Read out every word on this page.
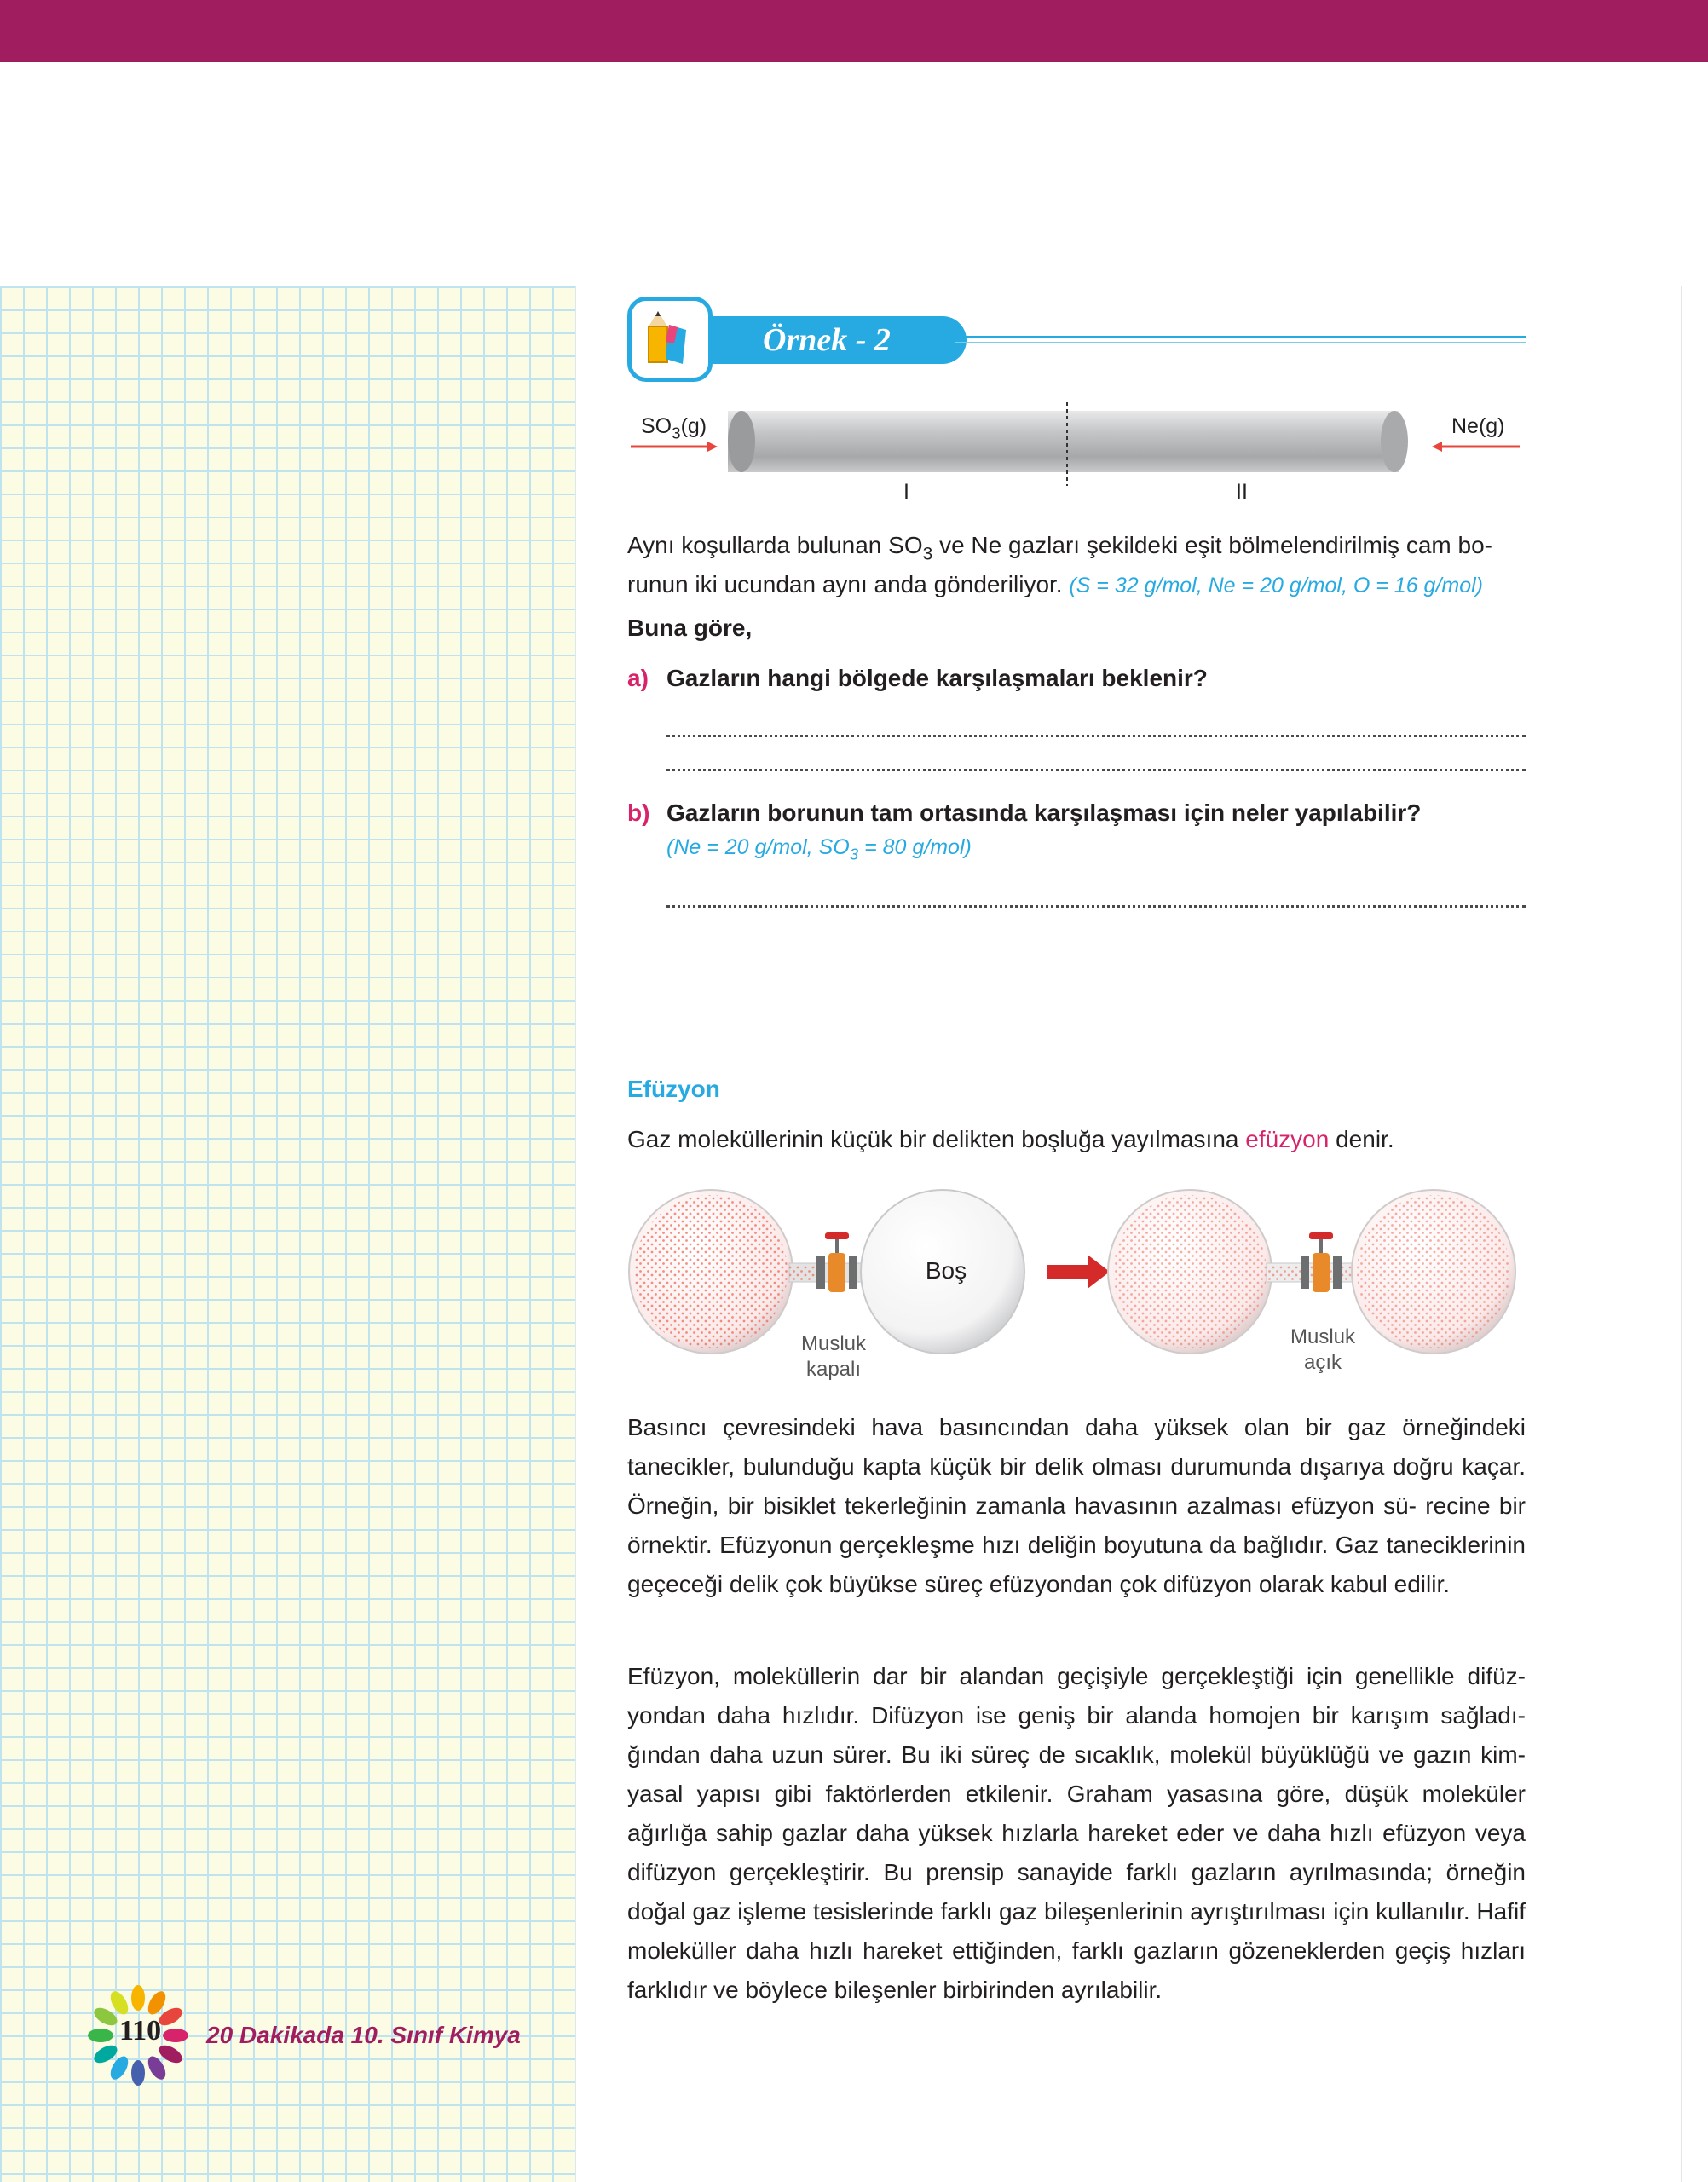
Örnek - 2
$SO_3(g)$	Ne(g)
I	II
Aynı koşullarda bulunan $SO_3$ ve Ne gazları şekildeki eşit bölmelendirilmiş cam bo-
runun iki ucundan aynı anda gönderiliyor. (S = 32 g/mol, Ne = 20 g/mol, O = 16 g/mol)
Buna göre,
a) Gazların hangi bölgede karşılaşmaları beklenir?
b) Gazların borunun tam ortasında karşılaşması için neler yapılabilir?
(Ne = 20 g/mol, $SO_3 = 80$ g/mol)
Efüzyon
Gaz moleküllerinin küçük bir delikten boşluğa yayılmasına efüzyon denir.
Boş
Musluk
kapalı
Musluk
açık
Basıncı çevresindeki hava basıncından daha yüksek olan bir gaz örneğindeki tanecikler, bulunduğu kapta küçük bir delik olması durumunda dışarıya doğru kaçar. Örneğin, bir bisiklet tekerleğinin zamanla havasının azalması efüzyon sü- recine bir örnektir. Efüzyonun gerçekleşme hızı deliğin boyutuna da bağlıdır. Gaz taneciklerinin geçeceği delik çok büyükse süreç efüzyondan çok difüzyon olarak kabul edilir.
Efüzyon, moleküllerin dar bir alandan geçişiyle gerçekleştiği için genellikle difüz- yondan daha hızlıdır. Difüzyon ise geniş bir alanda homojen bir karışım sağladı- ğından daha uzun sürer. Bu iki süreç de sıcaklık, molekül büyüklüğü ve gazın kim- yasal yapısı gibi faktörlerden etkilenir. Graham yasasına göre, düşük moleküler ağırlığa sahip gazlar daha yüksek hızlarla hareket eder ve daha hızlı efüzyon veya difüzyon gerçekleştirir. Bu prensip sanayide farklı gazların ayrılmasında; örneğin doğal gaz işleme tesislerinde farklı gaz bileşenlerinin ayrıştırılması için kullanılır. Hafif moleküller daha hızlı hareket ettiğinden, farklı gazların gözeneklerden geçiş hızları farklıdır ve böylece bileşenler birbirinden ayrılabilir.
110 20 Dakikada 10. Sınıf Kimya
